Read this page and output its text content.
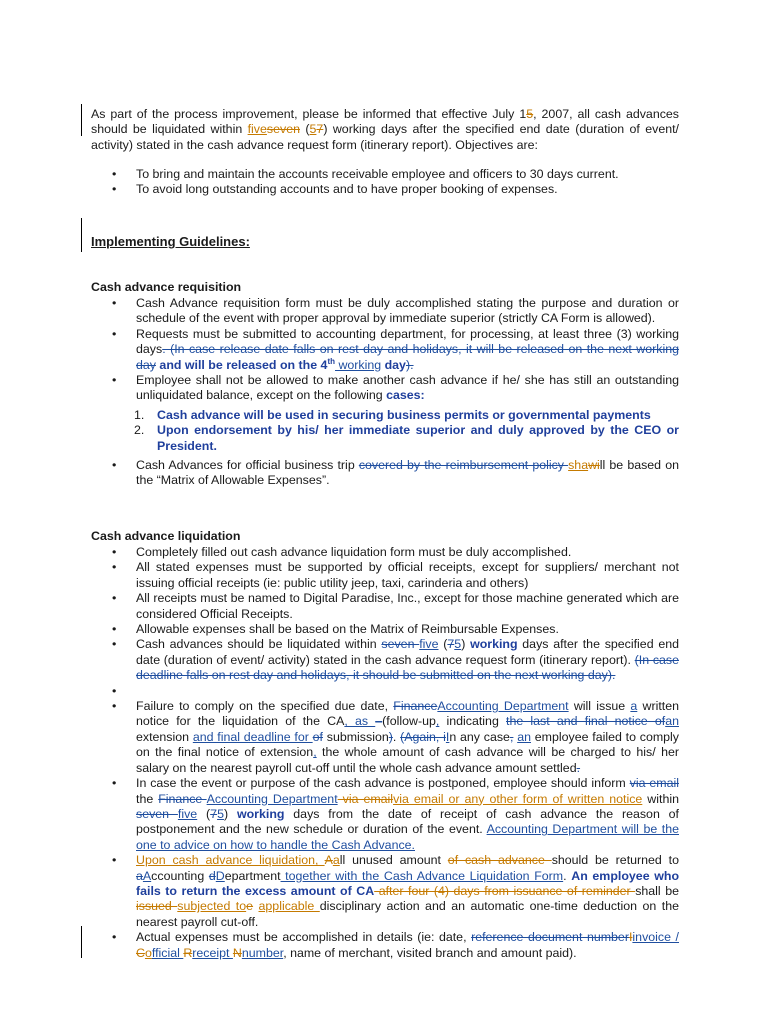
As part of the process improvement, please be informed that effective July 15, 2007, all cash advances should be liquidated within fiveseven (57) working days after the specified end date (duration of event/ activity) stated in the cash advance request form (itinerary report). Objectives are:
• To bring and maintain the accounts receivable employee and officers to 30 days current.
• To avoid long outstanding accounts and to have proper booking of expenses.
Implementing Guidelines:
Cash advance requisition
• Cash Advance requisition form must be duly accomplished stating the purpose and duration or schedule of the event with proper approval by immediate superior (strictly CA Form is allowed).
• Requests must be submitted to accounting department, for processing, at least three (3) working days. (In case release date falls on rest day and holidays, it will be released on the next working day and will be released on the 4th working day).
• Employee shall not be allowed to make another cash advance if he/ she has still an outstanding unliquidated balance, except on the following cases:
1. Cash advance will be used in securing business permits or governmental payments
2. Upon endorsement by his/ her immediate superior and duly approved by the CEO or President.
• Cash Advances for official business trip covered by the reimbursement policy shawill be based on the “Matrix of Allowable Expenses”.
Cash advance liquidation
• Completely filled out cash advance liquidation form must be duly accomplished.
• All stated expenses must be supported by official receipts, except for suppliers/ merchant not issuing official receipts (ie: public utility jeep, taxi, carinderia and others)
• All receipts must be named to Digital Paradise, Inc., except for those machine generated which are considered Official Receipts.
• Allowable expenses shall be based on the Matrix of Reimbursable Expenses.
• Cash advances should be liquidated within seven five (75) working days after the specified end date (duration of event/ activity) stated in the cash advance request form (itinerary report). (In case deadline falls on rest day and holidays, it should be submitted on the next working day).
•

• Failure to comply on the specified due date, FinanceAccounting Department will issue a written notice for the liquidation of the CA, as –(follow-up, indicating the last and final notice ofan extension and final deadline for of submission). (Again, iIn any case, an employee failed to comply on the final notice of extension, the whole amount of cash advance will be charged to his/ her salary on the nearest payroll cut-off until the whole cash advance amount settled.
• In case the event or purpose of the cash advance is postponed, employee should inform via email the Finance Accounting Department via emailvia email or any other form of written notice within seven five (75) working days from the date of receipt of cash advance the reason of postponement and the new schedule or duration of the event. Accounting Department will be the one to advice on how to handle the Cash Advance.
• Upon cash advance liquidation, Aall unused amount of cash advance should be returned to aAccounting dDepartment together with the Cash Advance Liquidation Form. An employee who fails to return the excess amount of CA after four (4) days from issuance of reminder shall be issued subjected toe applicable disciplinary action and an automatic one-time deduction on the nearest payroll cut-off.
• Actual expenses must be accomplished in details (ie: date, reference document numberIinvoice / Cofficial Rreceipt Nnumber, name of merchant, visited branch and amount paid).
